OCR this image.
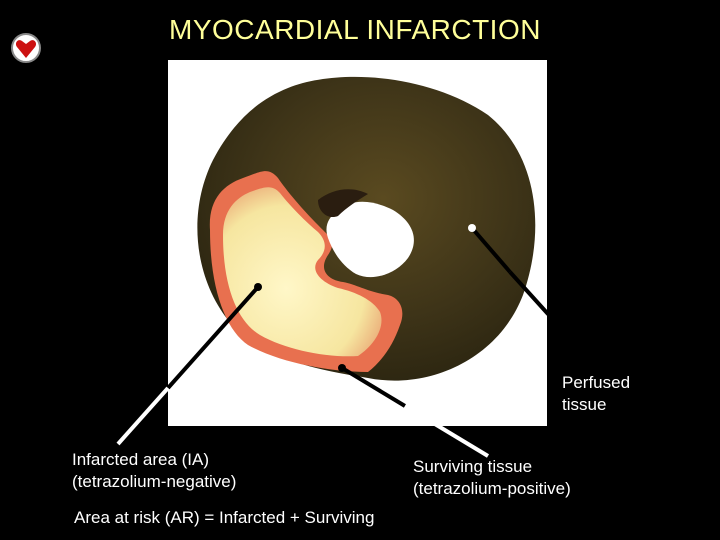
MYOCARDIAL INFARCTION
Perfused
tissue
Infarcted area (IA)
(tetrazolium-negative)
Surviving tissue
(tetrazolium-positive)
Area at risk (AR) = Infarcted + Surviving
